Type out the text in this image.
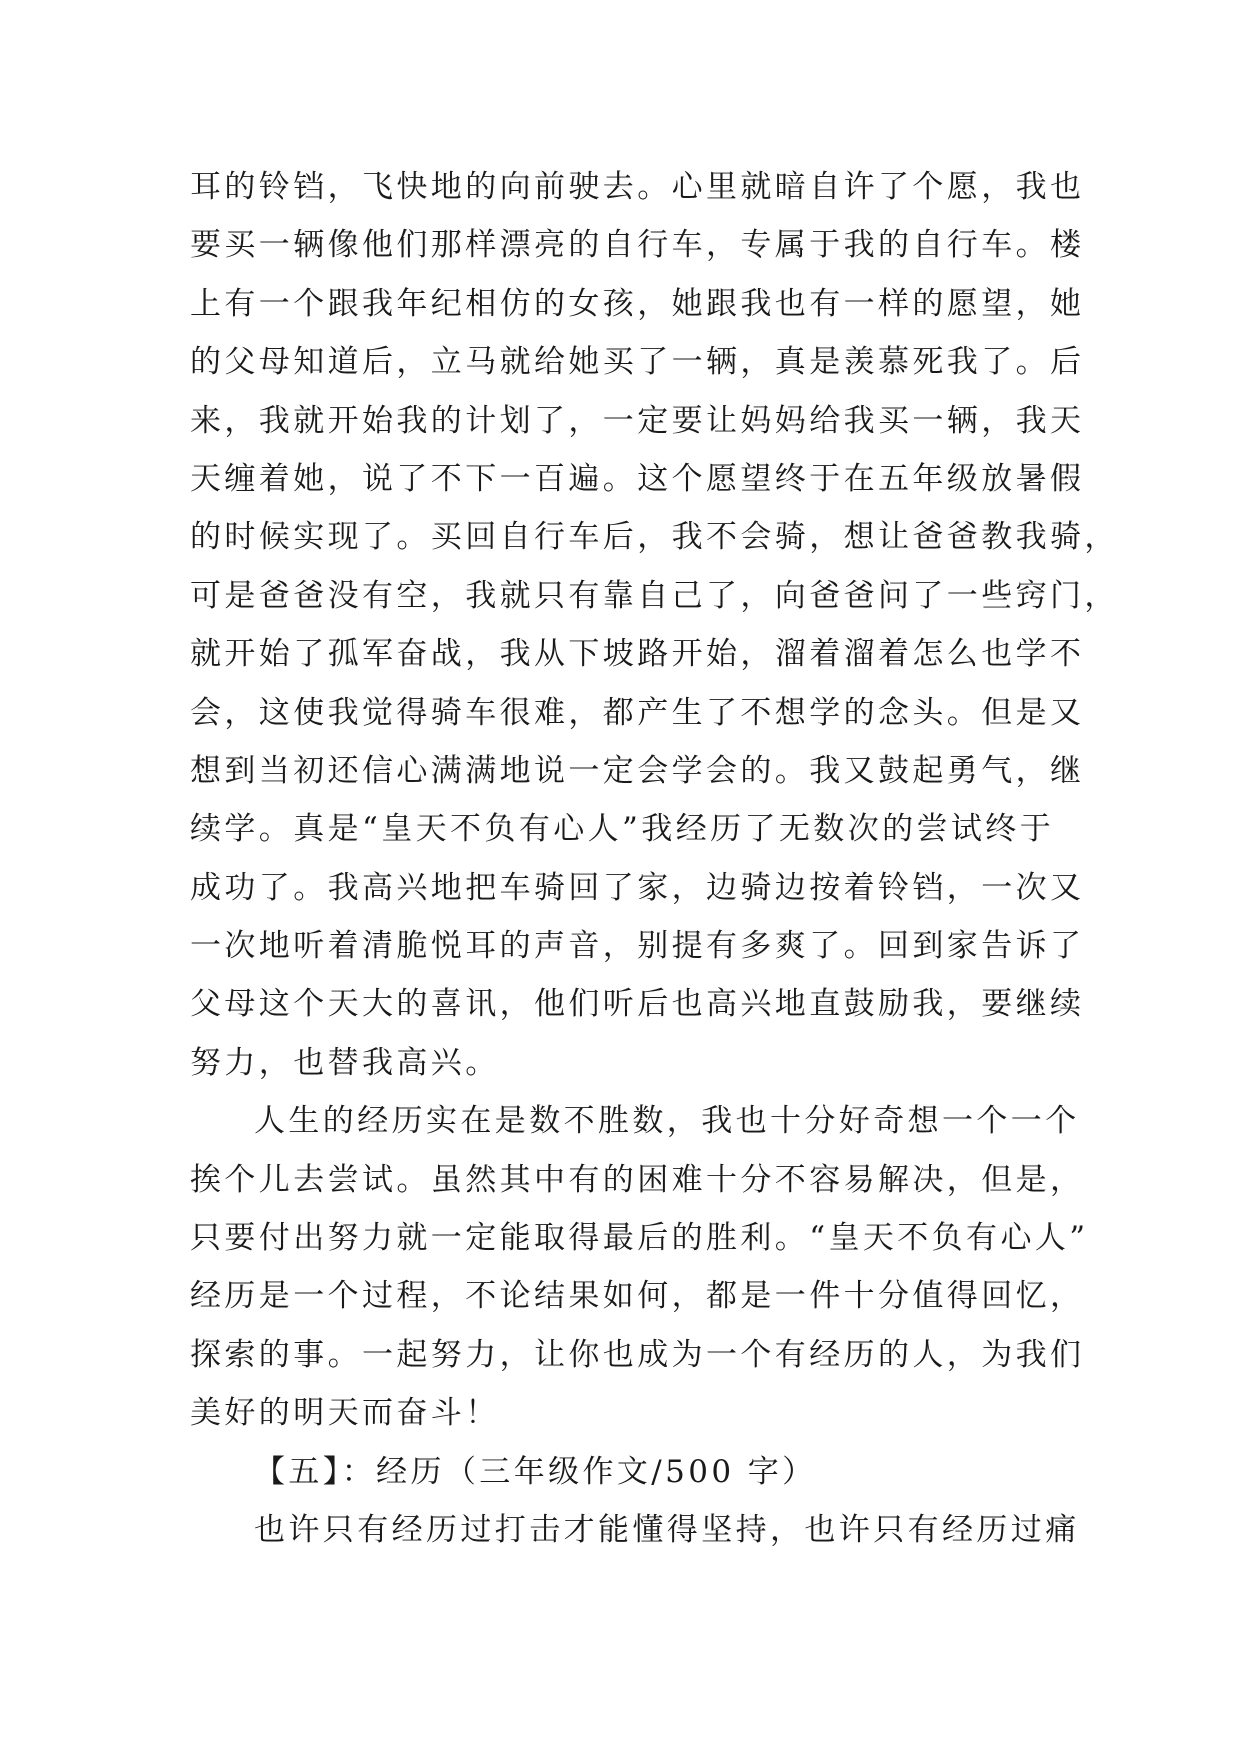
耳的铃铛，飞快地的向前驶去。心里就暗自许了个愿，我也
要买一辆像他们那样漂亮的自行车，专属于我的自行车。楼
上有一个跟我年纪相仿的女孩，她跟我也有一样的愿望，她
的父母知道后，立马就给她买了一辆，真是羡慕死我了。后
来，我就开始我的计划了，一定要让妈妈给我买一辆，我天
天缠着她，说了不下一百遍。这个愿望终于在五年级放暑假
的时候实现了。买回自行车后，我不会骑，想让爸爸教我骑，
可是爸爸没有空，我就只有靠自己了，向爸爸问了一些窍门，
就开始了孤军奋战，我从下坡路开始，溜着溜着怎么也学不
会，这使我觉得骑车很难，都产生了不想学的念头。但是又
想到当初还信心满满地说一定会学会的。我又鼓起勇气，继
续学。真是“皇天不负有心人”我经历了无数次的尝试终于
成功了。我高兴地把车骑回了家，边骑边按着铃铛，一次又
一次地听着清脆悦耳的声音，别提有多爽了。回到家告诉了
父母这个天大的喜讯，他们听后也高兴地直鼓励我，要继续
努力，也替我高兴。
人生的经历实在是数不胜数，我也十分好奇想一个一个
挨个儿去尝试。虽然其中有的困难十分不容易解决，但是，
只要付出努力就一定能取得最后的胜利。“皇天不负有心人”
经历是一个过程，不论结果如何，都是一件十分值得回忆，
探索的事。一起努力，让你也成为一个有经历的人，为我们
美好的明天而奋斗！
【五】：经历（三年级作文/500 字）
也许只有经历过打击才能懂得坚持，也许只有经历过痛
